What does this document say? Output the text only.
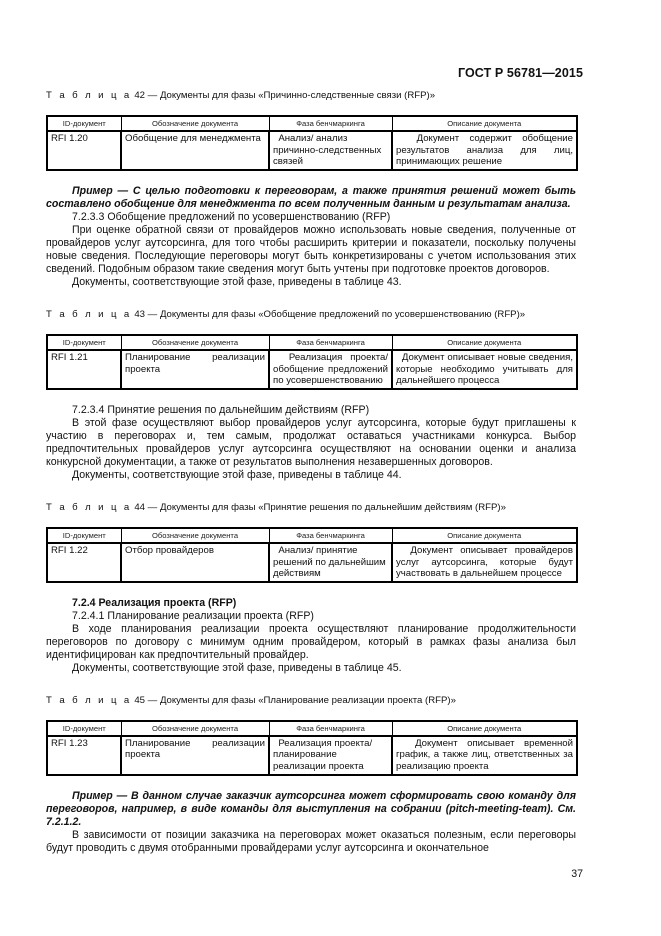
ГОСТ Р 56781—2015
Т а б л и ц а 42 — Документы для фазы «Причинно-следственные связи (RFP)»
ID-документ	Обозначение документа	Фаза бенчмаркинга	Описание документа
RFI 1.20	Обобщение для менеджмента	Анализ/ анализ причинно-следственных связей	Документ содержит обобщение результатов анализа для лиц, принимающих решение

Пример — С целью подготовки к переговорам, а также принятия решений может быть составлено обобщение для менеджмента по всем полученным данным и результатам анализа.

7.2.3.3 Обобщение предложений по усовершенствованию (RFP)

При оценке обратной связи от провайдеров можно использовать новые сведения, полученные от провайдеров услуг аутсорсинга, для того чтобы расширить критерии и показатели, поскольку получены новые сведения. Последующие переговоры могут быть конкретизированы с учетом использования этих сведений. Подобным образом такие сведения могут быть учтены при подготовке проектов договоров.

Документы, соответствующие этой фазе, приведены в таблице 43.

Т а б л и ц а 43 — Документы для фазы «Обобщение предложений по усовершенствованию (RFP)»
ID-документ	Обозначение документа	Фаза бенчмаркинга	Описание документа
RFI 1.21	Планирование реализации проекта	Реализация проекта/ обобщение предложений по усовершенствованию	Документ описывает новые сведения, которые необходимо учитывать для дальнейшего процесса

7.2.3.4 Принятие решения по дальнейшим действиям (RFP)

В этой фазе осуществляют выбор провайдеров услуг аутсорсинга, которые будут приглашены к участию в переговорах и, тем самым, продолжат оставаться участниками конкурса. Выбор предпочтительных провайдеров услуг аутсорсинга осуществляют на основании оценки и анализа конкурсной документации, а также от результатов выполнения незавершенных договоров.

Документы, соответствующие этой фазе, приведены в таблице 44.

Т а б л и ц а 44 — Документы для фазы «Принятие решения по дальнейшим действиям (RFP)»
ID-документ	Обозначение документа	Фаза бенчмаркинга	Описание документа
RFI 1.22	Отбор провайдеров	Анализ/ принятие решений по дальнейшим действиям	Документ описывает провайдеров услуг аутсорсинга, которые будут участвовать в дальнейшем процессе

7.2.4 Реализация проекта (RFP)

7.2.4.1 Планирование реализации проекта (RFP)

В ходе планирования реализации проекта осуществляют планирование продолжительности переговоров по договору с минимум одним провайдером, который в рамках фазы анализа был идентифицирован как предпочтительный провайдер.

Документы, соответствующие этой фазе, приведены в таблице 45.

Т а б л и ц а 45 — Документы для фазы «Планирование реализации проекта (RFP)»
ID-документ	Обозначение документа	Фаза бенчмаркинга	Описание документа
RFI 1.23	Планирование реализации проекта	Реализация проекта/ планирование реализации проекта	Документ описывает временной график, а также лиц, ответственных за реализацию проекта

Пример — В данном случае заказчик аутсорсинга может сформировать свою команду для переговоров, например, в виде команды для выступления на собрании (pitch-meeting-team). См. 7.2.1.2.

В зависимости от позиции заказчика на переговорах может оказаться полезным, если переговоры будут проводить с двумя отобранными провайдерами услуг аутсорсинга и окончательное

37
